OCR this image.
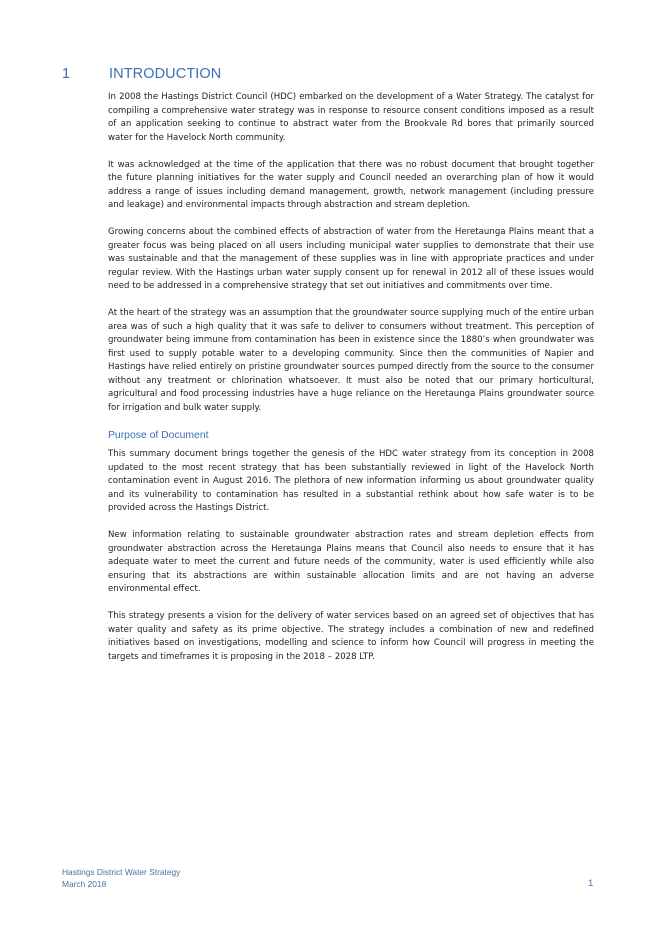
1	INTRODUCTION

In 2008 the Hastings District Council (HDC) embarked on the development of a Water Strategy. The catalyst for compiling a comprehensive water strategy was in response to resource consent conditions imposed as a result of an application seeking to continue to abstract water from the Brookvale Rd bores that primarily sourced water for the Havelock North community.

It was acknowledged at the time of the application that there was no robust document that brought together the future planning initiatives for the water supply and Council needed an overarching plan of how it would address a range of issues including demand management, growth, network management (including pressure and leakage) and environmental impacts through abstraction and stream depletion.

Growing concerns about the combined effects of abstraction of water from the Heretaunga Plains meant that a greater focus was being placed on all users including municipal water supplies to demonstrate that their use was sustainable and that the management of these supplies was in line with appropriate practices and under regular review. With the Hastings urban water supply consent up for renewal in 2012 all of these issues would need to be addressed in a comprehensive strategy that set out initiatives and commitments over time.

At the heart of the strategy was an assumption that the groundwater source supplying much of the entire urban area was of such a high quality that it was safe to deliver to consumers without treatment. This perception of groundwater being immune from contamination has been in existence since the 1880’s when groundwater was first used to supply potable water to a developing community. Since then the communities of Napier and Hastings have relied entirely on pristine groundwater sources pumped directly from the source to the consumer without any treatment or chlorination whatsoever. It must also be noted that our primary horticultural, agricultural and food processing industries have a huge reliance on the Heretaunga Plains groundwater source for irrigation and bulk water supply.

Purpose of Document

This summary document brings together the genesis of the HDC water strategy from its conception in 2008 updated to the most recent strategy that has been substantially reviewed in light of the Havelock North contamination event in August 2016. The plethora of new information informing us about groundwater quality and its vulnerability to contamination has resulted in a substantial rethink about how safe water is to be provided across the Hastings District.

New information relating to sustainable groundwater abstraction rates and stream depletion effects from groundwater abstraction across the Heretaunga Plains means that Council also needs to ensure that it has adequate water to meet the current and future needs of the community, water is used efficiently while also ensuring that its abstractions are within sustainable allocation limits and are not having an adverse environmental effect.

This strategy presents a vision for the delivery of water services based on an agreed set of objectives that has water quality and safety as its prime objective. The strategy includes a combination of new and redefined initiatives based on investigations, modelling and science to inform how Council will progress in meeting the targets and timeframes it is proposing in the 2018 – 2028 LTP.

Hastings District Water Strategy
March 2018	1
